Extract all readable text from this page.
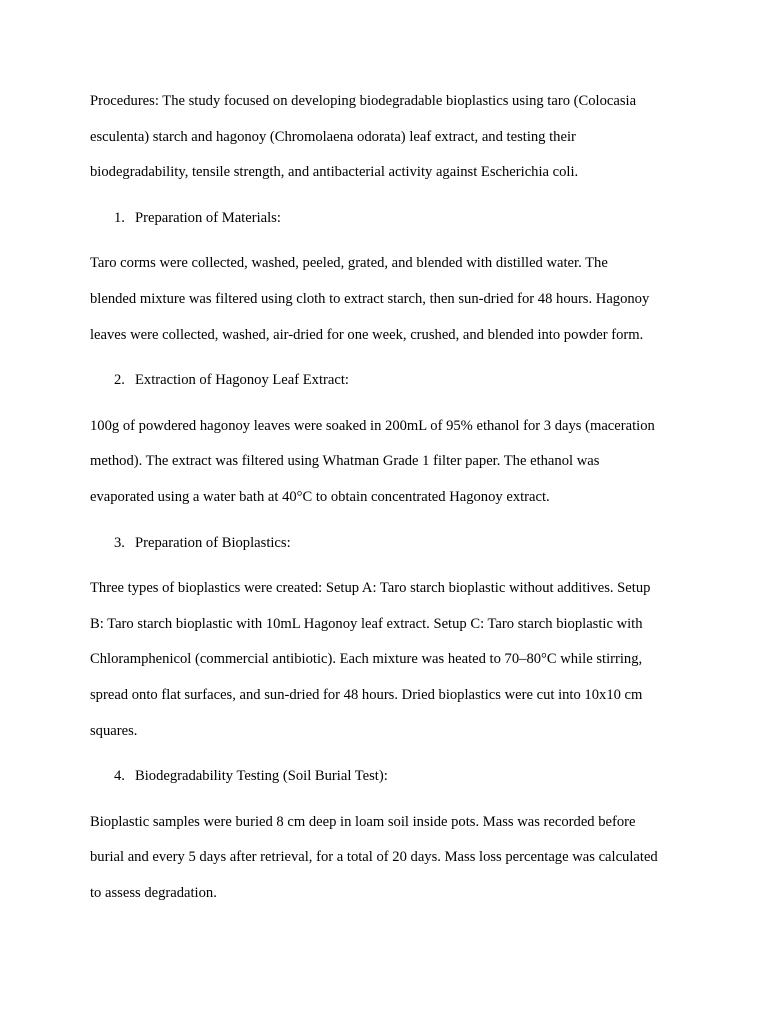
Procedures: The study focused on developing biodegradable bioplastics using taro (Colocasia
esculenta) starch and hagonoy (Chromolaena odorata) leaf extract, and testing their
biodegradability, tensile strength, and antibacterial activity against Escherichia coli.

1. Preparation of Materials:

Taro corms were collected, washed, peeled, grated, and blended with distilled water. The
blended mixture was filtered using cloth to extract starch, then sun-dried for 48 hours. Hagonoy
leaves were collected, washed, air-dried for one week, crushed, and blended into powder form.

2. Extraction of Hagonoy Leaf Extract:

100g of powdered hagonoy leaves were soaked in 200mL of 95% ethanol for 3 days (maceration
method). The extract was filtered using Whatman Grade 1 filter paper. The ethanol was
evaporated using a water bath at 40°C to obtain concentrated Hagonoy extract.

3. Preparation of Bioplastics:

Three types of bioplastics were created: Setup A: Taro starch bioplastic without additives. Setup
B: Taro starch bioplastic with 10mL Hagonoy leaf extract. Setup C: Taro starch bioplastic with
Chloramphenicol (commercial antibiotic). Each mixture was heated to 70–80°C while stirring,
spread onto flat surfaces, and sun-dried for 48 hours. Dried bioplastics were cut into 10x10 cm
squares.

4. Biodegradability Testing (Soil Burial Test):

Bioplastic samples were buried 8 cm deep in loam soil inside pots. Mass was recorded before
burial and every 5 days after retrieval, for a total of 20 days. Mass loss percentage was calculated
to assess degradation.
